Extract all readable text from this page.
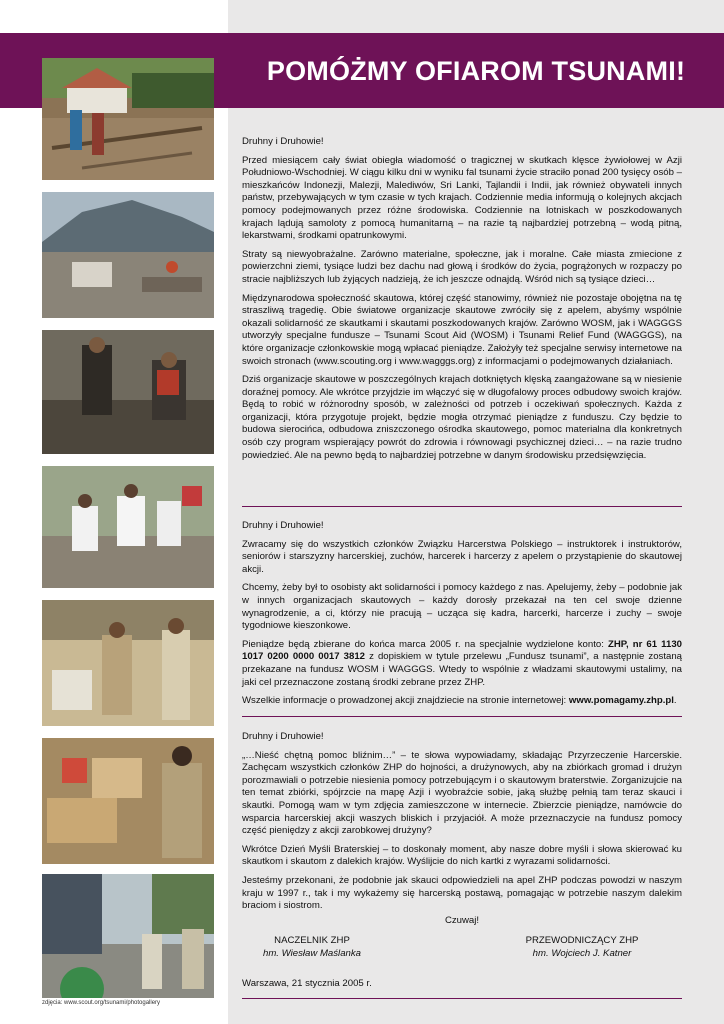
POMÓŻMY OFIAROM TSUNAMI!
zdjęcia: www.scout.org/tsunami/photogallery

Druhny i Druhowie!

Przed miesiącem cały świat obiegła wiadomość o tragicznej w skutkach klęsce żywiołowej w Azji Południowo-Wschodniej. W ciągu kilku dni w wyniku fal tsunami życie straciło ponad 200 tysięcy osób – mieszkańców Indonezji, Malezji, Malediwów, Sri Lanki, Tajlandii i Indii, jak również obywateli innych państw, przebywających w tym czasie w tych krajach. Codziennie media informują o kolejnych akcjach pomocy podejmowanych przez różne środowiska. Codziennie na lotniskach w poszkodowanych krajach lądują samoloty z pomocą humanitarną – na razie tą najbardziej potrzebną – wodą pitną, lekarstwami, środkami opatrunkowymi.

Straty są niewyobrażalne. Zarówno materialne, społeczne, jak i moralne. Całe miasta zmiecione z powierzchni ziemi, tysiące ludzi bez dachu nad głową i środków do życia, pogrążonych w rozpaczy po stracie najbliższych lub żyjących nadzieją, że ich jeszcze odnajdą. Wśród nich są tysiące dzieci…

Międzynarodowa społeczność skautowa, której część stanowimy, również nie pozostaje obojętna na tę straszliwą tragedię. Obie światowe organizacje skautowe zwróciły się z apelem, abyśmy wspólnie okazali solidarność ze skautkami i skautami poszkodowanych krajów. Zarówno WOSM, jak i WAGGGS utworzyły specjalne fundusze – Tsunami Scout Aid (WOSM) i Tsunami Relief Fund (WAGGGS), na które organizacje członkowskie mogą wpłacać pieniądze. Założyły też specjalne serwisy internetowe na swoich stronach (www.scouting.org i www.wagggs.org) z informacjami o podejmowanych działaniach.

Dziś organizacje skautowe w poszczególnych krajach dotkniętych klęską zaangażowane są w niesienie doraźnej pomocy. Ale wkrótce przyjdzie im włączyć się w długofalowy proces odbudowy swoich krajów. Będą to robić w różnorodny sposób, w zależności od potrzeb i oczekiwań społecznych. Każda z organizacji, która przygotuje projekt, będzie mogła otrzymać pieniądze z funduszu. Czy będzie to budowa sierocińca, odbudowa zniszczonego ośrodka skautowego, pomoc materialna dla konkretnych osób czy program wspierający powrót do zdrowia i równowagi psychicznej dzieci… – na razie trudno powiedzieć. Ale na pewno będą to najbardziej potrzebne w danym środowisku przedsięwzięcia.

Druhny i Druhowie!

Zwracamy się do wszystkich członków Związku Harcerstwa Polskiego – instruktorek i instruktorów, seniorów i starszyzny harcerskiej, zuchów, harcerek i harcerzy z apelem o przystąpienie do skautowej akcji.

Chcemy, żeby był to osobisty akt solidarności i pomocy każdego z nas. Apelujemy, żeby – podobnie jak w innych organizacjach skautowych – każdy dorosły przekazał na ten cel swoje dzienne wynagrodzenie, a ci, którzy nie pracują – ucząca się kadra, harcerki, harcerze i zuchy – swoje tygodniowe kieszonkowe.

Pieniądze będą zbierane do końca marca 2005 r. na specjalnie wydzielone konto: ZHP, nr 61 1130 1017 0200 0000 0017 3812 z dopiskiem w tytule przelewu „Fundusz tsunami”, a następnie zostaną przekazane na fundusz WOSM i WAGGGS. Wtedy to wspólnie z władzami skautowymi ustalimy, na jaki cel przeznaczone zostaną środki zebrane przez ZHP.

Wszelkie informacje o prowadzonej akcji znajdziecie na stronie internetowej: www.pomagamy.zhp.pl.

Druhny i Druhowie!

„…Nieść chętną pomoc bliźnim…” – te słowa wypowiadamy, składając Przyrzeczenie Harcerskie. Zachęcam wszystkich członków ZHP do hojności, a drużynowych, aby na zbiórkach gromad i drużyn porozmawiali o potrzebie niesienia pomocy potrzebującym i o skautowym braterstwie. Zorganizujcie na ten temat zbiórki, spójrzcie na mapę Azji i wyobraźcie sobie, jaką służbę pełnią tam teraz skauci i skautki. Pomogą wam w tym zdjęcia zamieszczone w internecie. Zbierzcie pieniądze, namówcie do wsparcia harcerskiej akcji waszych bliskich i przyjaciół. A może przeznaczycie na fundusz pomocy część pieniędzy z akcji zarobkowej drużyny?

Wkrótce Dzień Myśli Braterskiej – to doskonały moment, aby nasze dobre myśli i słowa skierować ku skautkom i skautom z dalekich krajów. Wyślijcie do nich kartki z wyrazami solidarności.

Jesteśmy przekonani, że podobnie jak skauci odpowiedzieli na apel ZHP podczas powodzi w naszym kraju w 1997 r., tak i my wykażemy się harcerską postawą, pomagając w potrzebie naszym dalekim braciom i siostrom.

Czuwaj!
NACZELNIK ZHP
hm. Wiesław Maślanka
PRZEWODNICZĄCY ZHP
hm. Wojciech J. Katner
Warszawa, 21 stycznia 2005 r.
